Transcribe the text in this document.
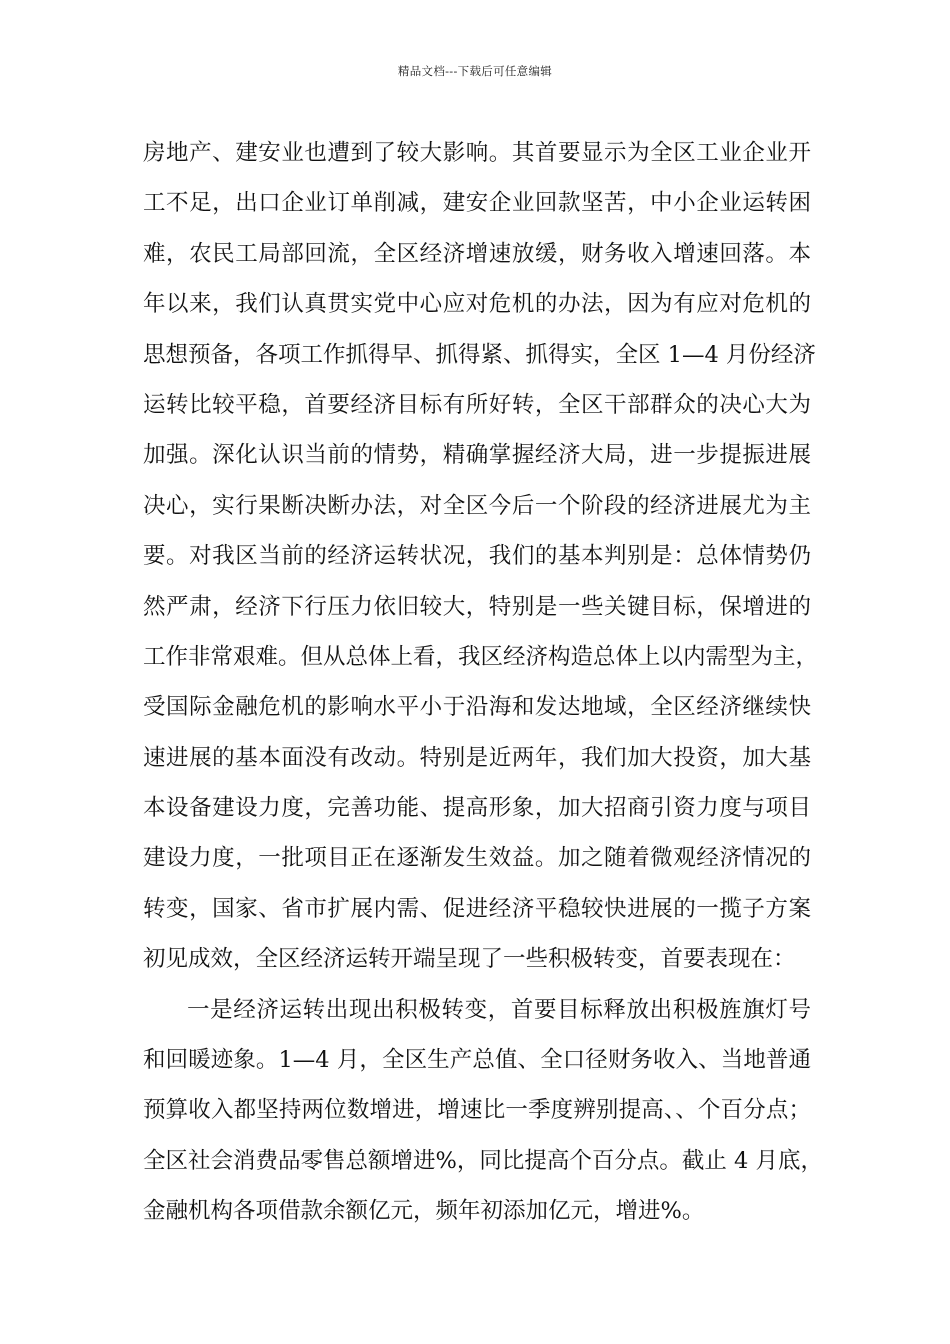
精品文档---下载后可任意编辑
房地产、建安业也遭到了较大影响。其首要显示为全区工业企业开
工不足，出口企业订单削减，建安企业回款坚苦，中小企业运转困
难，农民工局部回流，全区经济增速放缓，财务收入增速回落。本
年以来，我们认真贯实党中心应对危机的办法，因为有应对危机的
思想预备，各项工作抓得早、抓得紧、抓得实，全区 1—4 月份经济
运转比较平稳，首要经济目标有所好转，全区干部群众的决心大为
加强。深化认识当前的情势，精确掌握经济大局，进一步提振进展
决心，实行果断决断办法，对全区今后一个阶段的经济进展尤为主
要。对我区当前的经济运转状况，我们的基本判别是：总体情势仍
然严肃，经济下行压力依旧较大，特别是一些关键目标，保增进的
工作非常艰难。但从总体上看，我区经济构造总体上以内需型为主，
受国际金融危机的影响水平小于沿海和发达地域，全区经济继续快
速进展的基本面没有改动。特别是近两年，我们加大投资，加大基
本设备建设力度，完善功能、提高形象，加大招商引资力度与项目
建设力度，一批项目正在逐渐发生效益。加之随着微观经济情况的
转变，国家、省市扩展内需、促进经济平稳较快进展的一揽子方案
初见成效，全区经济运转开端呈现了一些积极转变，首要表现在：
一是经济运转出现出积极转变，首要目标释放出积极旌旗灯号
和回暖迹象。1—4 月，全区生产总值、全口径财务收入、当地普通
预算收入都坚持两位数增进，增速比一季度辨别提高、、个百分点；
全区社会消费品零售总额增进%，同比提高个百分点。截止 4 月底，
金融机构各项借款余额亿元，频年初添加亿元，增进%。
